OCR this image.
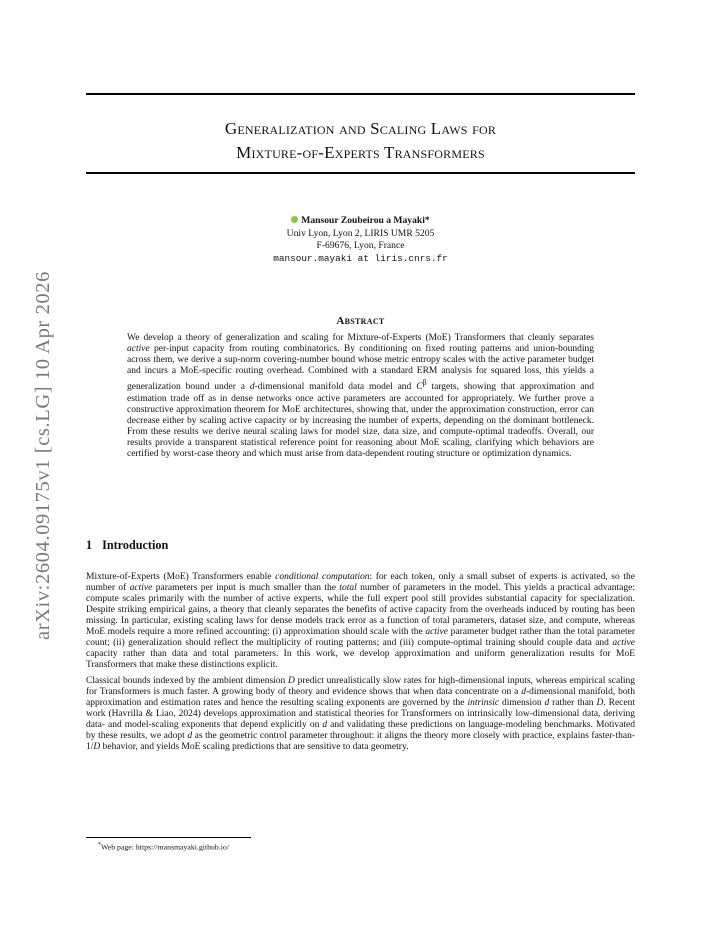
Generalization and Scaling Laws for
Mixture-of-Experts Transformers
arXiv:2604.09175v1 [cs.LG] 10 Apr 2026
Mansour Zoubeirou a Mayaki*
Univ Lyon, Lyon 2, LIRIS UMR 5205
F-69676, Lyon, France
mansour.mayaki at liris.cnrs.fr
Abstract
We develop a theory of generalization and scaling for Mixture-of-Experts (MoE) Transformers that cleanly separates active per-input capacity from routing combinatorics. By conditioning on fixed routing patterns and union-bounding across them, we derive a sup-norm covering-number bound whose metric entropy scales with the active parameter budget and incurs a MoE-specific routing overhead. Combined with a standard ERM analysis for squared loss, this yields a generalization bound under a d-dimensional manifold data model and $C^\beta$ targets, showing that approximation and estimation trade off as in dense networks once active parameters are accounted for appropriately. We further prove a constructive approximation theorem for MoE architectures, showing that, under the approximation construction, error can decrease either by scaling active capacity or by increasing the number of experts, depending on the dominant bottleneck. From these results we derive neural scaling laws for model size, data size, and compute-optimal tradeoffs. Overall, our results provide a transparent statistical reference point for reasoning about MoE scaling, clarifying which behaviors are certified by worst-case theory and which must arise from data-dependent routing structure or optimization dynamics.
1 Introduction
Mixture-of-Experts (MoE) Transformers enable conditional computation: for each token, only a small subset of experts is activated, so the number of active parameters per input is much smaller than the total number of parameters in the model. This yields a practical advantage: compute scales primarily with the number of active experts, while the full expert pool still provides substantial capacity for specialization. Despite striking empirical gains, a theory that cleanly separates the benefits of active capacity from the overheads induced by routing has been missing. In particular, existing scaling laws for dense models track error as a function of total parameters, dataset size, and compute, whereas MoE models require a more refined accounting: (i) approximation should scale with the active parameter budget rather than the total parameter count; (ii) generalization should reflect the multiplicity of routing patterns; and (iii) compute-optimal training should couple data and active capacity rather than data and total parameters. In this work, we develop approximation and uniform generalization results for MoE Transformers that make these distinctions explicit.
Classical bounds indexed by the ambient dimension D predict unrealistically slow rates for high-dimensional inputs, whereas empirical scaling for Transformers is much faster. A growing body of theory and evidence shows that when data concentrate on a d-dimensional manifold, both approximation and estimation rates and hence the resulting scaling exponents are governed by the intrinsic dimension d rather than D. Recent work (Havrilla & Liao, 2024) develops approximation and statistical theories for Transformers on intrinsically low-dimensional data, deriving data- and model-scaling exponents that depend explicitly on d and validating these predictions on language-modeling benchmarks. Motivated by these results, we adopt d as the geometric control parameter throughout: it aligns the theory more closely with practice, explains faster-than-1/D behavior, and yields MoE scaling predictions that are sensitive to data geometry.
*Web page: https://mansmayaki.github.io/
